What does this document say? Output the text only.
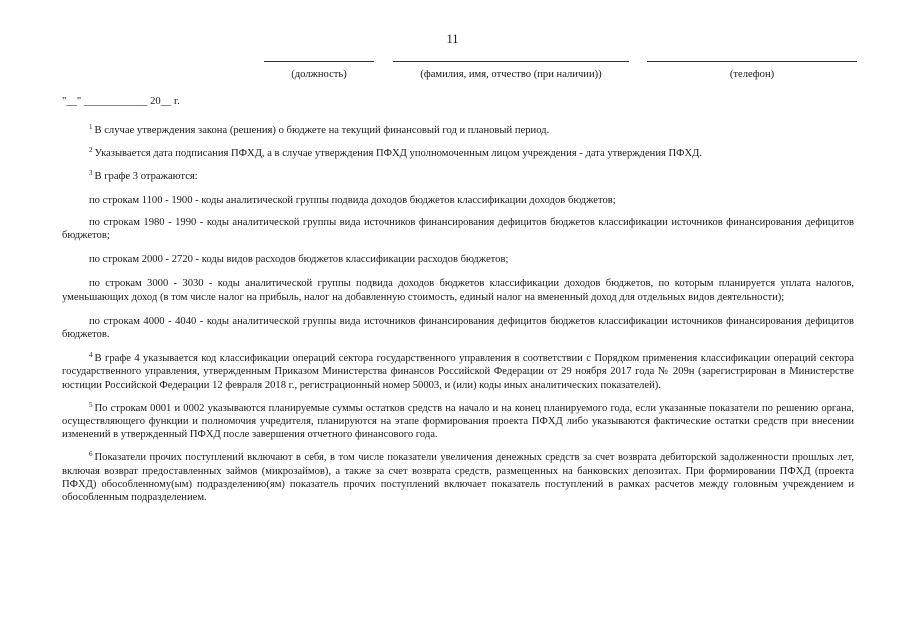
11
(должность)	(фамилия, имя, отчество (при наличии))	(телефон)
"__" ____________ 20__ г.

$^1$ В случае утверждения закона (решения) о бюджете на текущий финансовый год и плановый период.

$^2$ Указывается дата подписания ПФХД, а в случае утверждения ПФХД уполномоченным лицом учреждения - дата утверждения ПФХД.

$^3$ В графе 3 отражаются:

по строкам 1100 - 1900 - коды аналитической группы подвида доходов бюджетов классификации доходов бюджетов;

по строкам 1980 - 1990 - коды аналитической группы вида источников финансирования дефицитов бюджетов классификации источников финансирования дефицитов бюджетов;

по строкам 2000 - 2720 - коды видов расходов бюджетов классификации расходов бюджетов;

по строкам 3000 - 3030 - коды аналитической группы подвида доходов бюджетов классификации доходов бюджетов, по которым планируется уплата налогов, уменьшающих доход (в том числе налог на прибыль, налог на добавленную стоимость, единый налог на вмененный доход для отдельных видов деятельности);

по строкам 4000 - 4040 - коды аналитической группы вида источников финансирования дефицитов бюджетов классификации источников финансирования дефицитов бюджетов.

$^4$ В графе 4 указывается код классификации операций сектора государственного управления в соответствии с Порядком применения классификации операций сектора государственного управления, утвержденным Приказом Министерства финансов Российской Федерации от 29 ноября 2017 года № 209н (зарегистрирован в Министерстве юстиции Российской Федерации 12 февраля 2018 г., регистрационный номер 50003, и (или) коды иных аналитических показателей).

$^5$ По строкам 0001 и 0002 указываются планируемые суммы остатков средств на начало и на конец планируемого года, если указанные показатели по решению органа, осуществляющего функции и полномочия учредителя, планируются на этапе формирования проекта ПФХД либо указываются фактические остатки средств при внесении изменений в утвержденный ПФХД после завершения отчетного финансового года.

$^6$ Показатели прочих поступлений включают в себя, в том числе показатели увеличения денежных средств за счет возврата дебиторской задолженности прошлых лет, включая возврат предоставленных займов (микрозаймов), а также за счет возврата средств, размещенных на банковских депозитах. При формировании ПФХД (проекта ПФХД) обособленному(ым) подразделению(ям) показатель прочих поступлений включает показатель поступлений в рамках расчетов между головным учреждением и обособленным подразделением.
